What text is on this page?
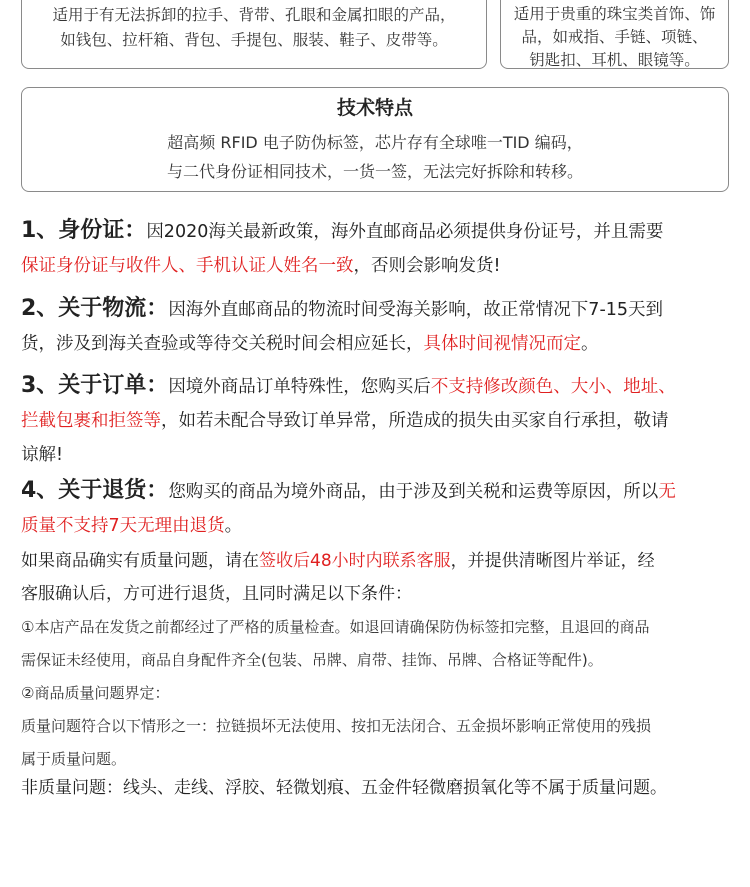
适用于有无法拆卸的拉手、背带、孔眼和金属扣眼的产品，
如钱包、拉杆箱、背包、手提包、服装、鞋子、皮带等。
适用于贵重的珠宝类首饰、饰
品，如戒指、手链、项链、
钥匙扣、耳机、眼镜等。
技术特点
超高频 RFID 电子防伪标签，芯片存有全球唯一TID 编码，
与二代身份证相同技术，一货一签，无法完好拆除和转移。
1、身份证：因2020海关最新政策，海外直邮商品必须提供身份证号，并且需要
保证身份证与收件人、手机认证人姓名一致，否则会影响发货!
2、关于物流：因海外直邮商品的物流时间受海关影响，故正常情况下7-15天到
货，涉及到海关查验或等待交关税时间会相应延长，具体时间视情况而定。
3、关于订单：因境外商品订单特殊性，您购买后不支持修改颜色、大小、地址、
拦截包裹和拒签等，如若未配合导致订单异常，所造成的损失由买家自行承担，敬请
谅解!
4、关于退货：您购买的商品为境外商品，由于涉及到关税和运费等原因，所以无
质量不支持7天无理由退货。
如果商品确实有质量问题，请在签收后48小时内联系客服，并提供清晰图片举证，经
客服确认后，方可进行退货，且同时满足以下条件：
①本店产品在发货之前都经过了严格的质量检查。如退回请确保防伪标签扣完整，且退回的商品
需保证未经使用，商品自身配件齐全(包装、吊牌、肩带、挂饰、吊牌、合格证等配件)。
②商品质量问题界定：
质量问题符合以下情形之一：拉链损坏无法使用、按扣无法闭合、五金损坏影响正常使用的残损
属于质量问题。
非质量问题：线头、走线、浮胶、轻微划痕、五金件轻微磨损氧化等不属于质量问题。
